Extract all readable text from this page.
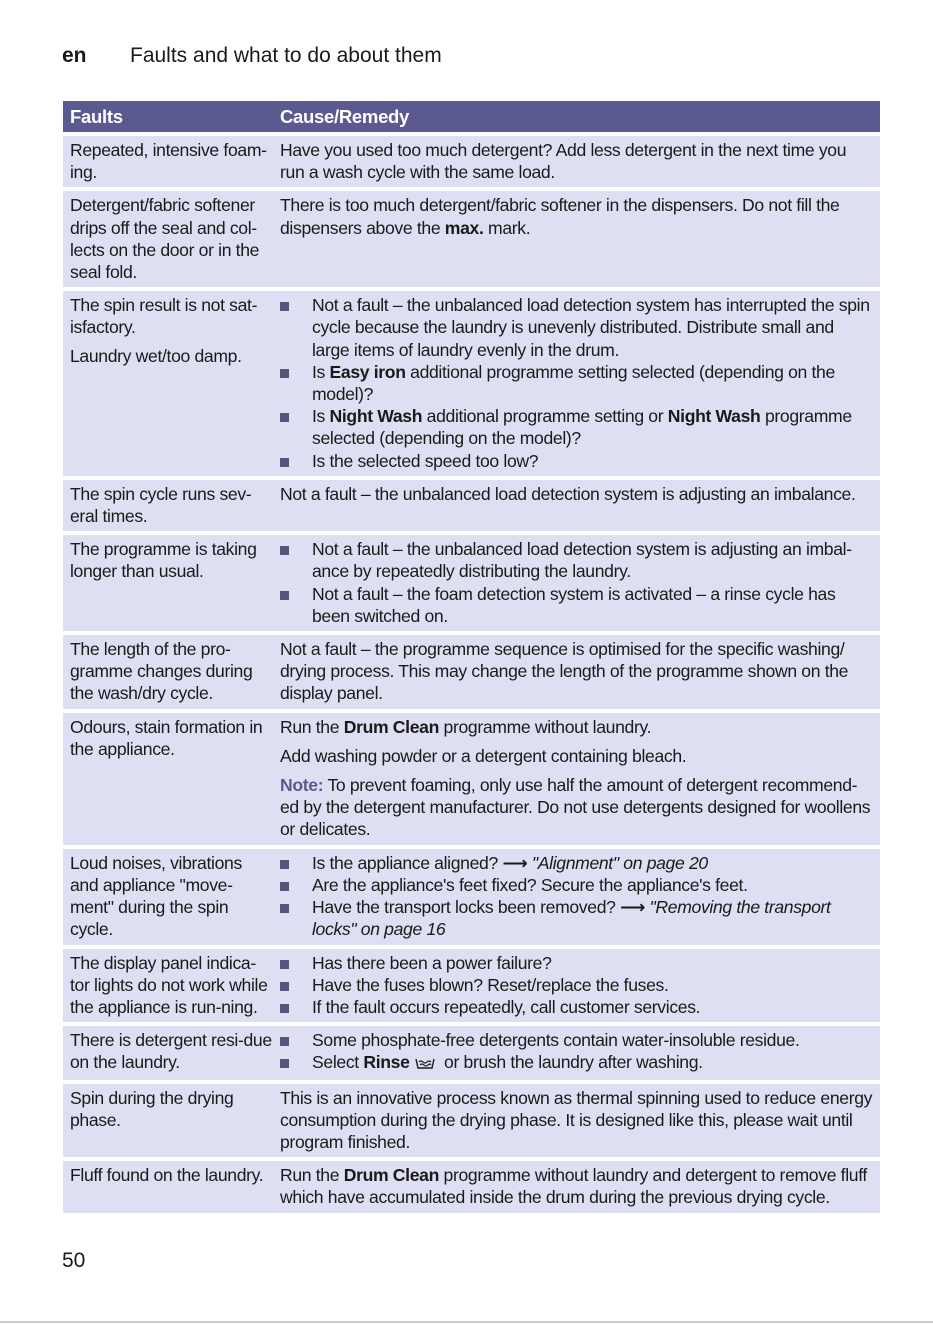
en Faults and what to do about them
Faults	Cause/Remedy

Repeated, intensive foam-ing.

Have you used too much detergent? Add less detergent in the next time you run a wash cycle with the same load.

Detergent/fabric softener drips off the seal and col-lects on the door or in the seal fold.

There is too much detergent/fabric softener in the dispensers. Do not fill the dispensers above the max. mark.

The spin result is not sat-isfactory.

Laundry wet/too damp.

Not a fault – the unbalanced load detection system has interrupted the spin cycle because the laundry is unevenly distributed. Distribute small and large items of laundry evenly in the drum.
Is Easy iron additional programme setting selected (depending on the model)?
Is Night Wash additional programme setting or Night Wash programme selected (depending on the model)?
Is the selected speed too low?

The spin cycle runs sev-eral times.

Not a fault – the unbalanced load detection system is adjusting an imbalance.

The programme is taking longer than usual.

Not a fault – the unbalanced load detection system is adjusting an imbal-ance by repeatedly distributing the laundry.
Not a fault – the foam detection system is activated – a rinse cycle has been switched on.

The length of the pro-gramme changes during the wash/dry cycle.

Not a fault – the programme sequence is optimised for the specific washing/ drying process. This may change the length of the programme shown on the display panel.

Odours, stain formation in the appliance.

Run the Drum Clean programme without laundry.

Add washing powder or a detergent containing bleach.

Note: To prevent foaming, only use half the amount of detergent recommend-ed by the detergent manufacturer. Do not use detergents designed for woollens or delicates.

Loud noises, vibrations and appliance "move-ment" during the spin cycle.

Is the appliance aligned? ⟶ "Alignment" on page 20
Are the appliance's feet fixed? Secure the appliance's feet.
Have the transport locks been removed? ⟶ "Removing the transport locks" on page 16

The display panel indica-tor lights do not work while the appliance is run-ning.

Has there been a power failure?
Have the fuses blown? Reset/replace the fuses.
If the fault occurs repeatedly, call customer services.

There is detergent resi-due on the laundry.

Some phosphate-free detergents contain water-insoluble residue.
Select Rinse or brush the laundry after washing.

Spin during the drying phase.

This is an innovative process known as thermal spinning used to reduce energy consumption during the drying phase. It is designed like this, please wait until program finished.

Fluff found on the laundry. Run the Drum Clean programme without laundry and detergent to remove fluff which have accumulated inside the drum during the previous drying cycle.

50
